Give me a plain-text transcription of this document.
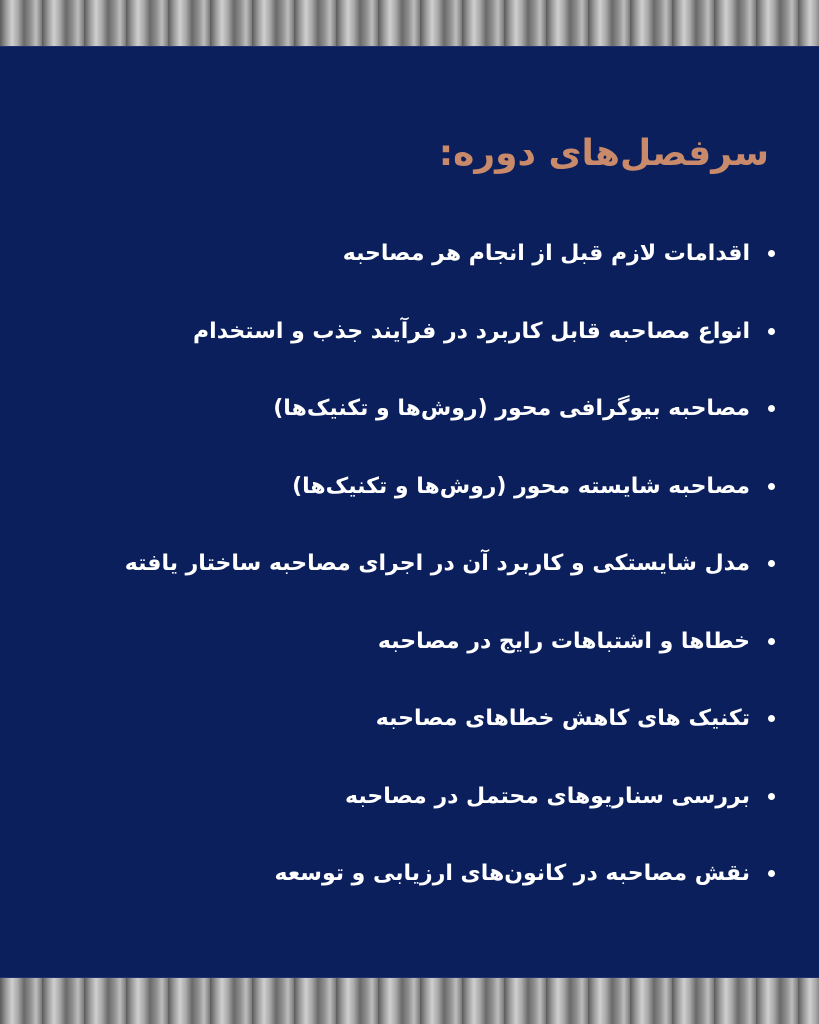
سرفصل‌های دوره:
اقدامات لازم قبل از انجام هر مصاحبه
انواع مصاحبه قابل کاربرد در فرآیند جذب و استخدام
مصاحبه بیوگرافی محور (روش‌ها و تکنیک‌ها)
مصاحبه شایسته محور (روش‌ها و تکنیک‌ها)
مدل شایستکی و کاربرد آن در اجرای مصاحبه ساختار یافته
خطاها و اشتباهات رایج در مصاحبه
تکنیک های کاهش خطاهای مصاحبه
بررسی سناریوهای محتمل در مصاحبه
نقش مصاحبه در کانون‌های ارزیابی و توسعه
